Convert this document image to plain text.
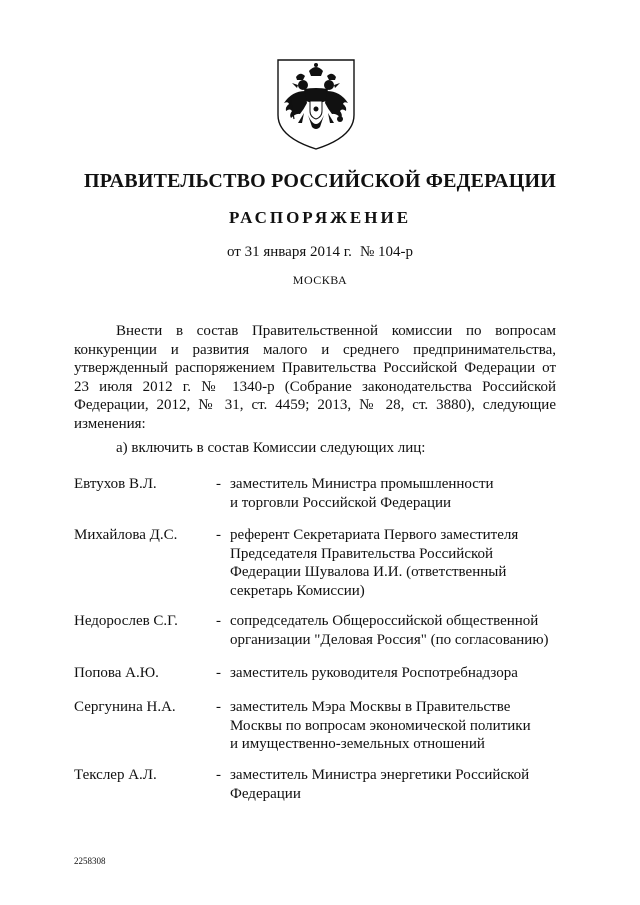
ПРАВИТЕЛЬСТВО РОССИЙСКОЙ ФЕДЕРАЦИИ
РАСПОРЯЖЕНИЕ
от 31 января 2014 г. № 104-р
МОСКВА

Внести в состав Правительственной комиссии по вопросам конкуренции и развития малого и среднего предпринимательства, утвержденный распоряжением Правительства Российской Федерации от 23 июля 2012 г. № 1340-р (Собрание законодательства Российской Федерации, 2012, № 31, ст. 4459; 2013, № 28, ст. 3880), следующие изменения:

а) включить в состав Комиссии следующих лиц:

Евтухов В.Л.	- заместитель Министра промышленности
и торговли Российской Федерации
Михайлова Д.С.	- референт Секретариата Первого заместителя
Председателя Правительства Российской
Федерации Шувалова И.И. (ответственный
секретарь Комиссии)
Недорослев С.Г.	- сопредседатель Общероссийской общественной
организации "Деловая Россия" (по согласованию)
Попова А.Ю.	- заместитель руководителя Роспотребнадзора
Сергунина Н.А.	- заместитель Мэра Москвы в Правительстве
Москвы по вопросам экономической политики
и имущественно-земельных отношений
Текслер А.Л.	- заместитель Министра энергетики Российской
Федерации
2258308
